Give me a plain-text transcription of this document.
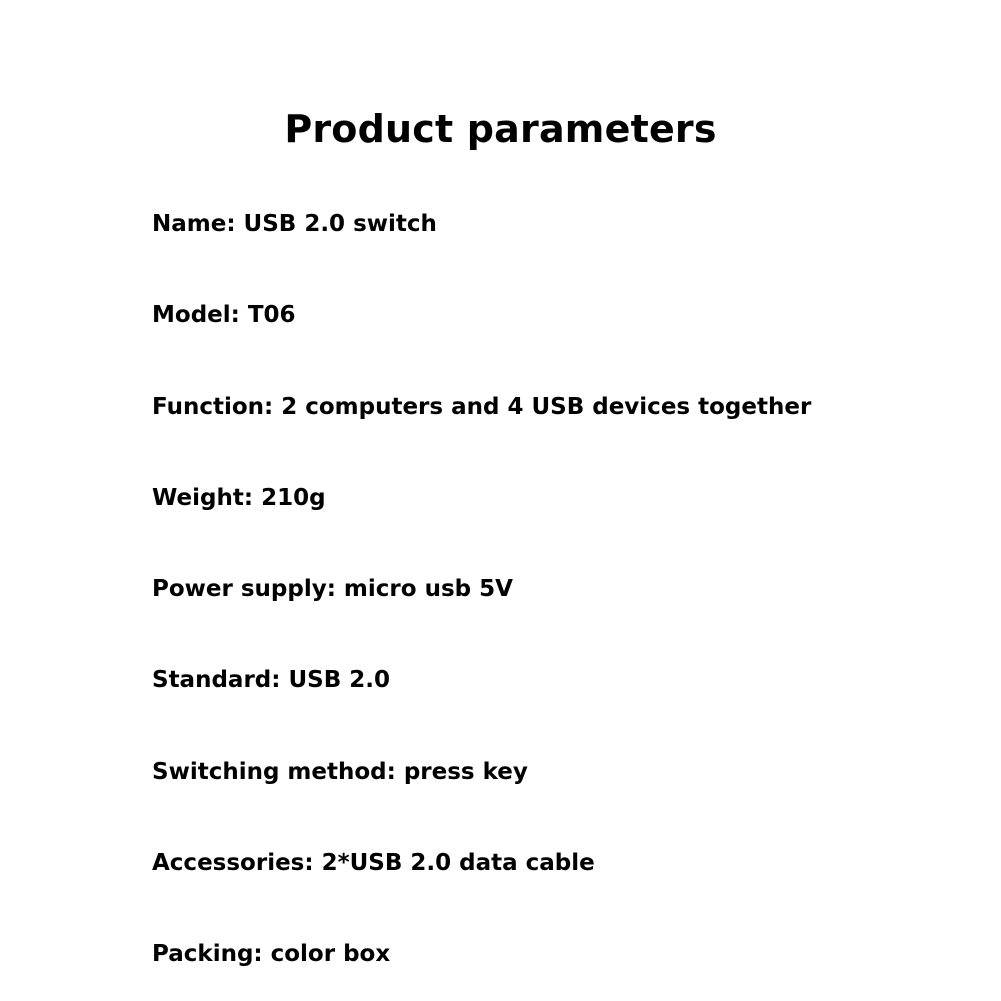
Product parameters
Name: USB 2.0 switch
Model: T06
Function: 2 computers and 4 USB devices together
Weight: 210g
Power supply: micro usb 5V
Standard: USB 2.0
Switching method: press key
Accessories: 2*USB 2.0 data cable
Packing: color box
